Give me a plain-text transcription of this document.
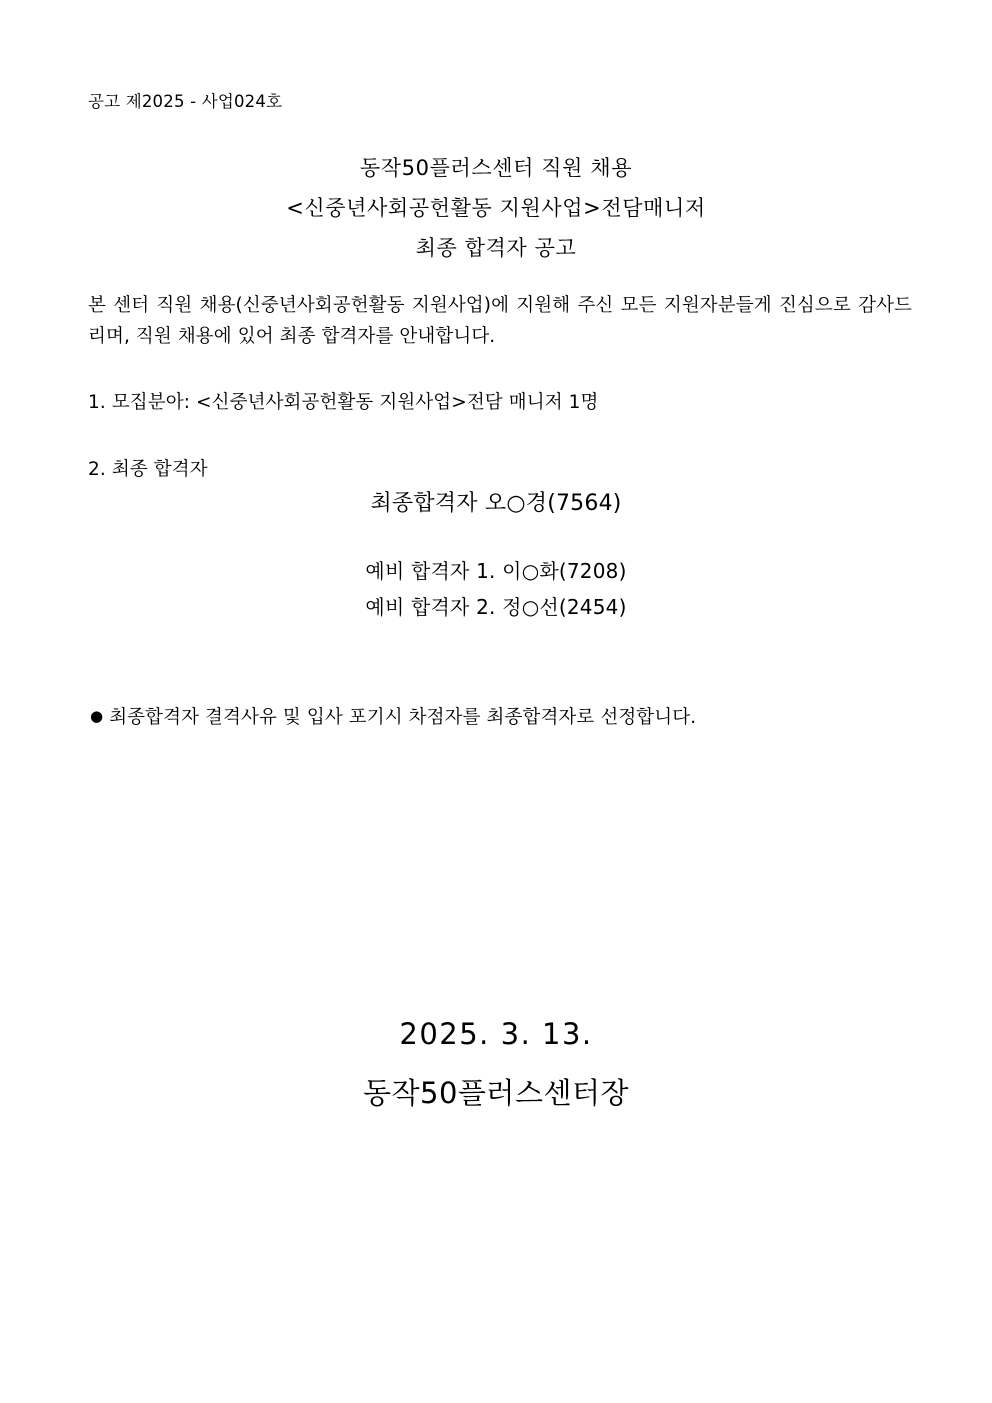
공고 제2025 - 사업024호
동작50플러스센터 직원 채용
<신중년사회공헌활동 지원사업>전담매니저
최종 합격자 공고
본 센터 직원 채용(신중년사회공헌활동 지원사업)에 지원해 주신 모든 지원자분들게 진심으로 감사드리며, 직원 채용에 있어 최종 합격자를 안내합니다.
1. 모집분아: <신중년사회공헌활동 지원사업>전담 매니저 1명
2. 최종 합격자
최종합격자 오○경(7564)
예비 합격자 1. 이○화(7208)
예비 합격자 2. 정○선(2454)
● 최종합격자 결격사유 및 입사 포기시 차점자를 최종합격자로 선정합니다.
2025. 3. 13.
동작50플러스센터장
